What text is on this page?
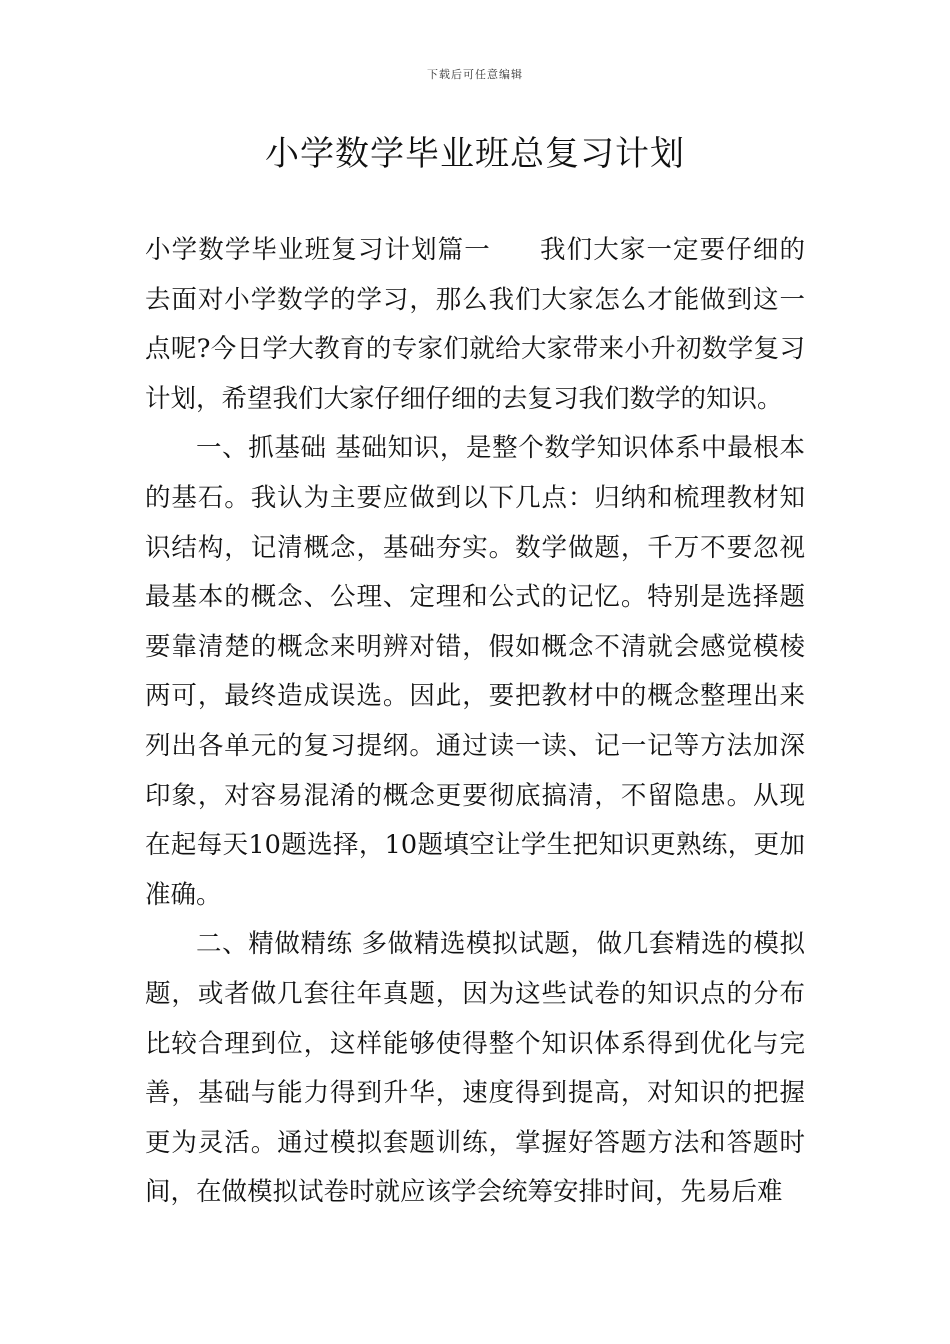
下载后可任意编辑
小学数学毕业班总复习计划

小学数学毕业班复习计划篇一 我们大家一定要仔细的去面对小学数学的学习，那么我们大家怎么才能做到这一点呢?今日学大教育的专家们就给大家带来小升初数学复习计划，希望我们大家仔细仔细的去复习我们数学的知识。

一、抓基础 基础知识，是整个数学知识体系中最根本的基石。我认为主要应做到以下几点：归纳和梳理教材知识结构，记清概念，基础夯实。数学做题，千万不要忽视最基本的概念、公理、定理和公式的记忆。特别是选择题要靠清楚的概念来明辨对错，假如概念不清就会感觉模棱两可，最终造成误选。因此，要把教材中的概念整理出来列出各单元的复习提纲。通过读一读、记一记等方法加深印象，对容易混淆的概念更要彻底搞清，不留隐患。从现在起每天10题选择，10题填空让学生把知识更熟练，更加准确。

二、精做精练 多做精选模拟试题，做几套精选的模拟题，或者做几套往年真题，因为这些试卷的知识点的分布比较合理到位，这样能够使得整个知识体系得到优化与完善，基础与能力得到升华，速度得到提高，对知识的把握更为灵活。通过模拟套题训练，掌握好答题方法和答题时间，在做模拟试卷时就应该学会统筹安排时间，先易后难
